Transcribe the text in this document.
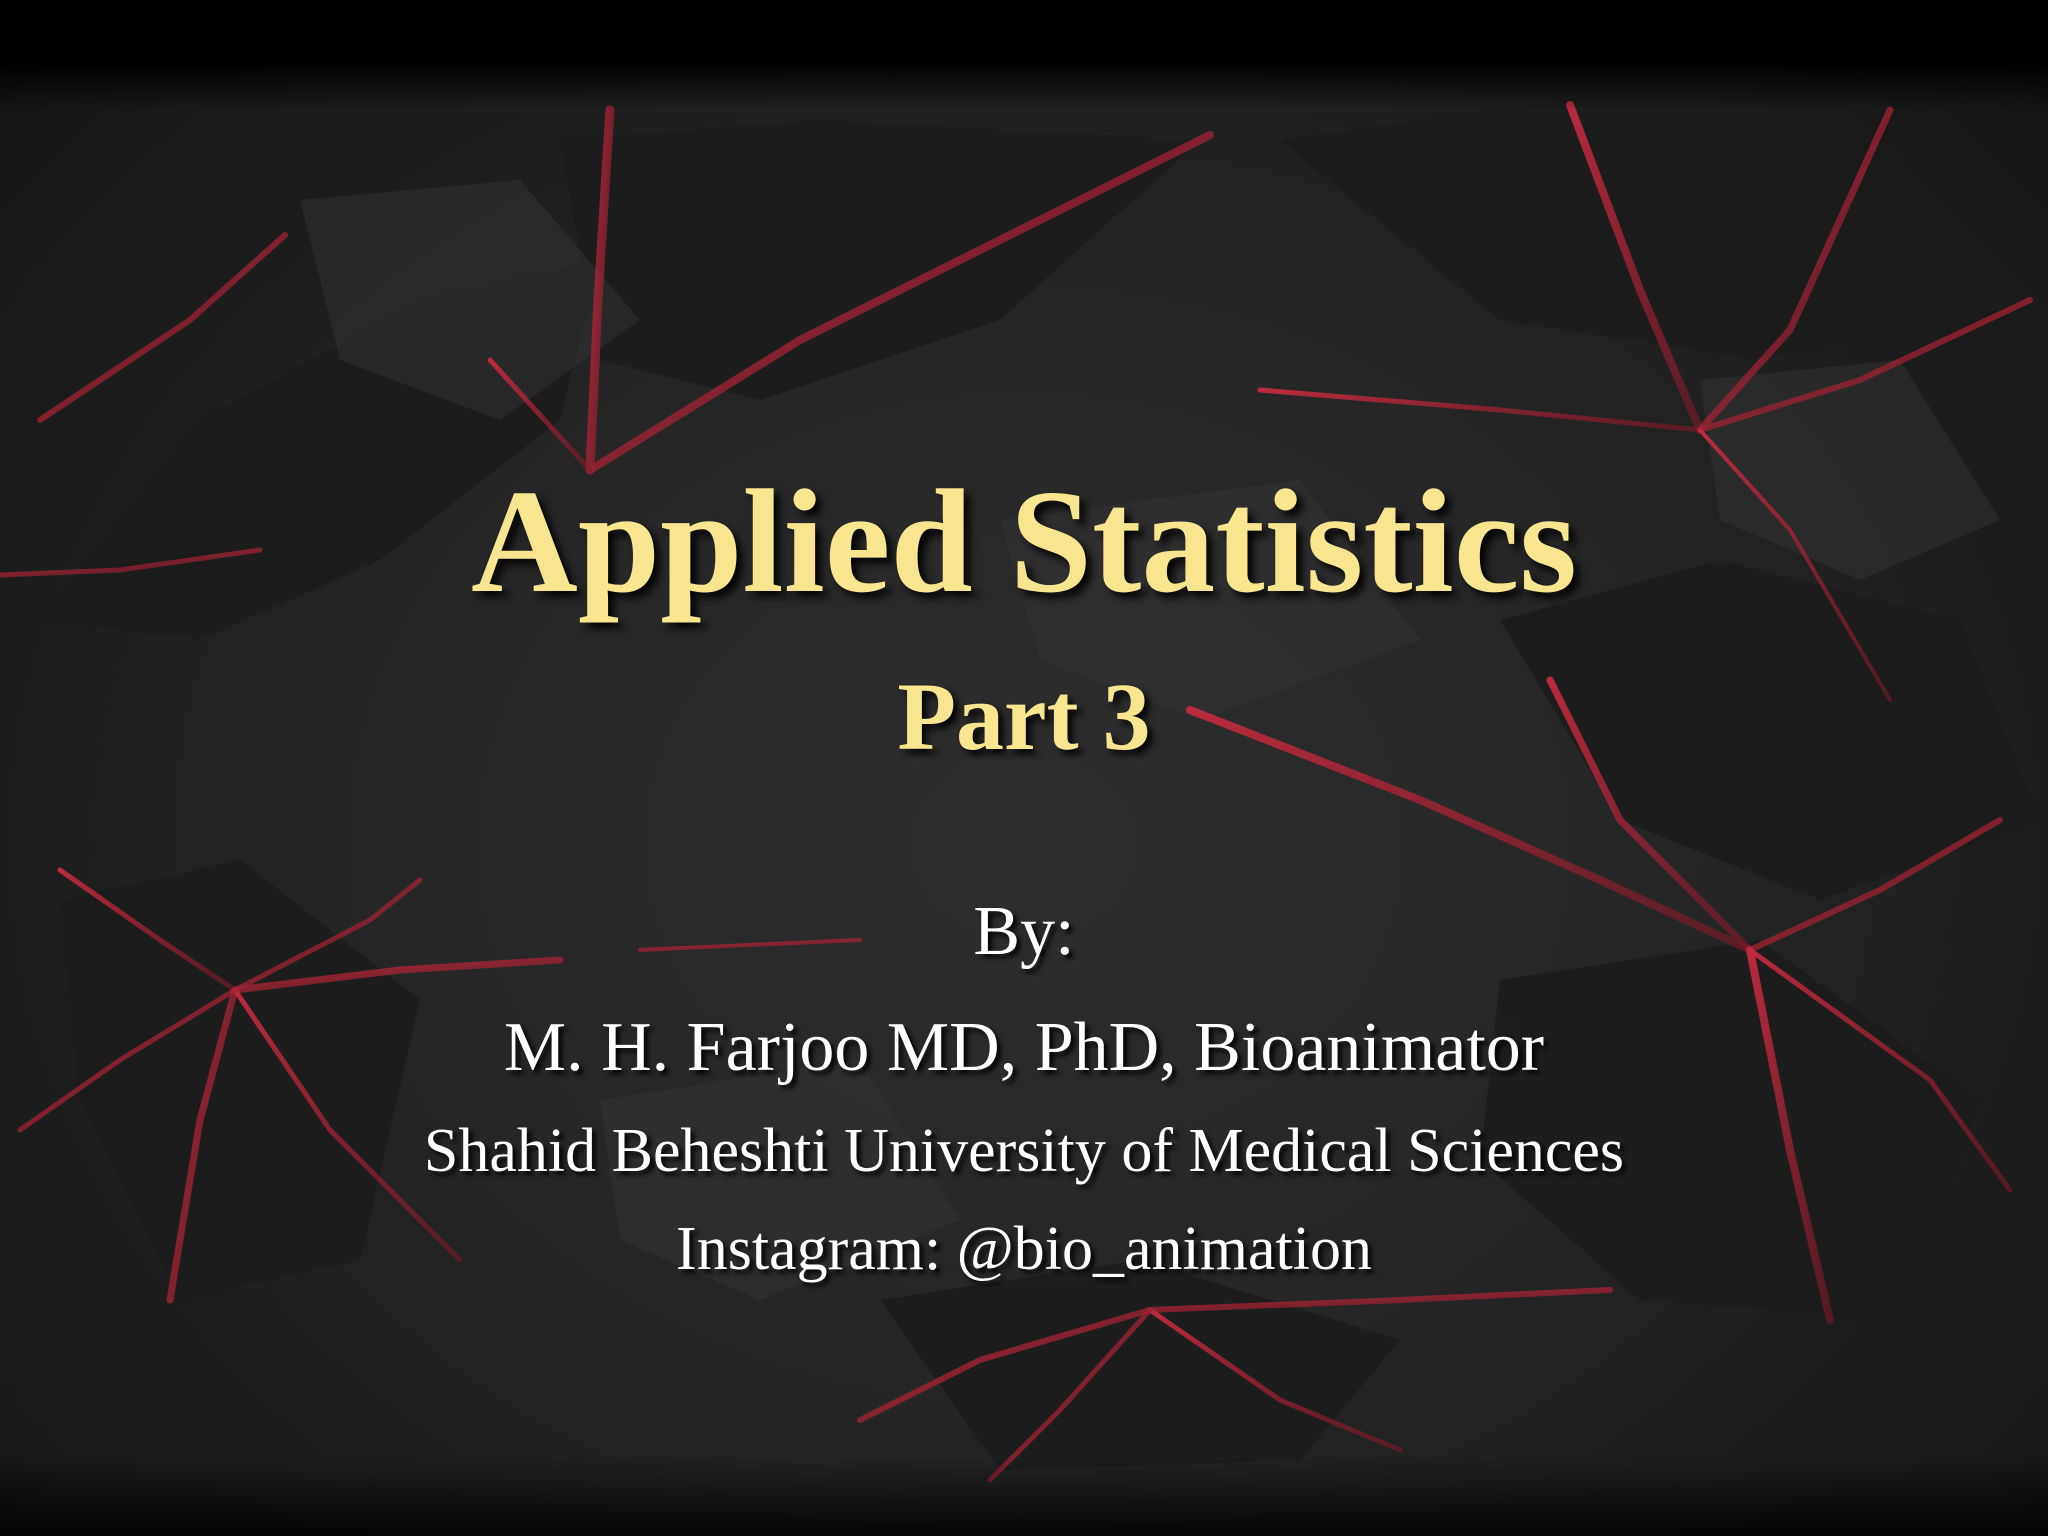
Applied Statistics
Part 3
By:
M. H. Farjoo MD, PhD, Bioanimator
Shahid Beheshti University of Medical Sciences
Instagram: @bio_animation
